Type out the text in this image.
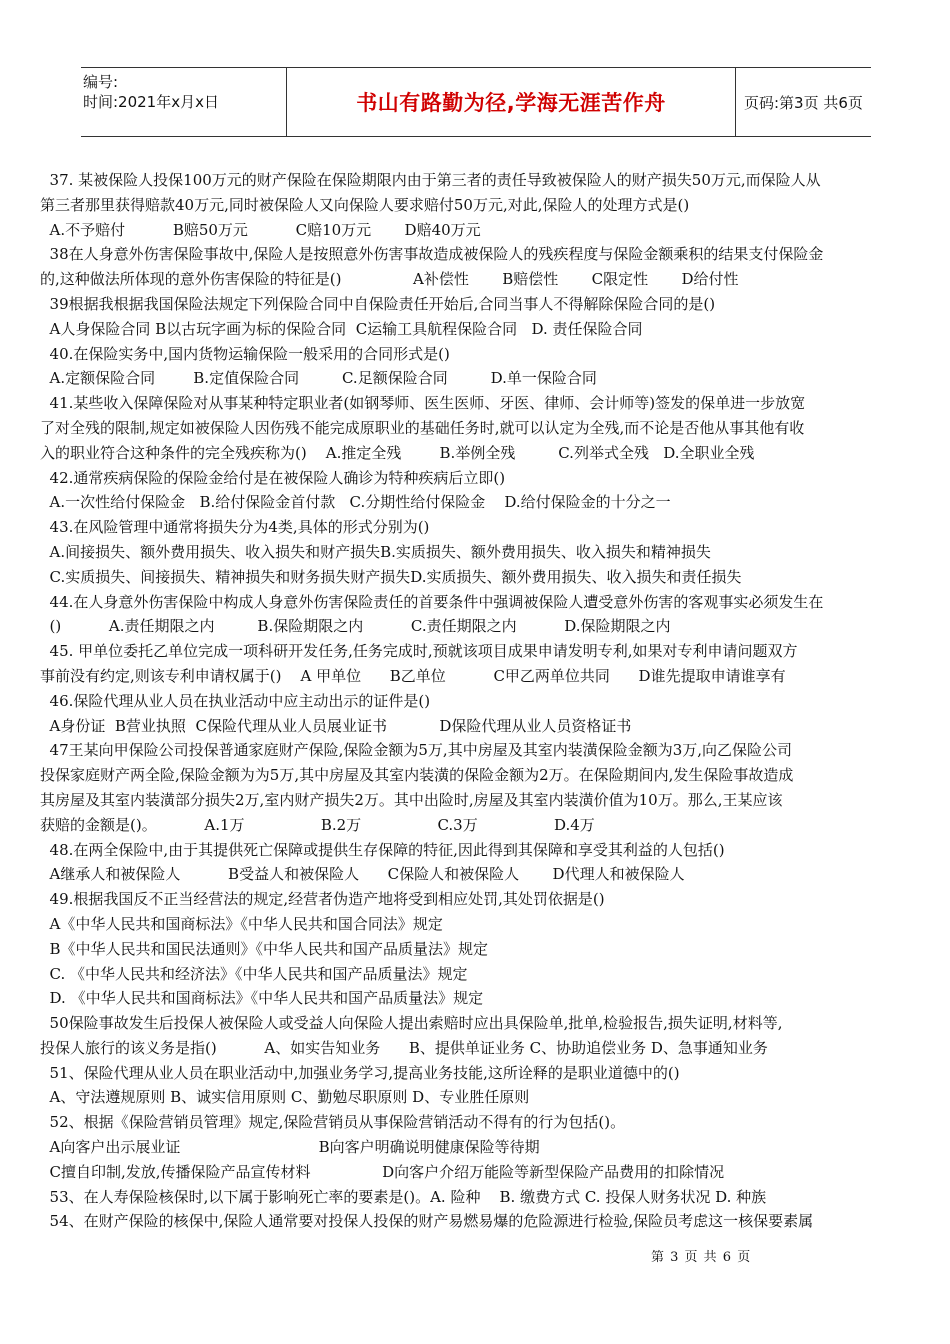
编号:
时间:2021年x月x日	书山有路勤为径,学海无涯苦作舟	页码:第3页 共6页
37. 某被保险人投保100万元的财产保险在保险期限内由于第三者的责任导致被保险人的财产损失50万元,而保险人从
第三者那里获得赔款40万元,同时被保险人又向保险人要求赔付50万元,对此,保险人的处理方式是()
A.不予赔付          B赔50万元          C赔10万元       D赔40万元
38在人身意外伤害保险事故中,保险人是按照意外伤害事故造成被保险人的残疾程度与保险金额乘积的结果支付保险金
的,这种做法所体现的意外伤害保险的特征是()               A补偿性       B赔偿性       C限定性       D给付性
39根据我根据我国保险法规定下列保险合同中自保险责任开始后,合同当事人不得解除保险合同的是()
A人身保险合同 B以古玩字画为标的保险合同  C运输工具航程保险合同   D. 责任保险合同
40.在保险实务中,国内货物运输保险一般采用的合同形式是()
A.定额保险合同        B.定值保险合同         C.足额保险合同         D.单一保险合同
41.某些收入保障保险对从事某种特定职业者(如钢琴师、医生医师、牙医、律师、会计师等)签发的保单进一步放宽
了对全残的限制,规定如被保险人因伤残不能完成原职业的基础任务时,就可以认定为全残,而不论是否他从事其他有收
入的职业符合这种条件的完全残疾称为()    A.推定全残        B.举例全残         C.列举式全残   D.全职业全残
42.通常疾病保险的保险金给付是在被保险人确诊为特种疾病后立即()
A.一次性给付保险金   B.给付保险金首付款   C.分期性给付保险金    D.给付保险金的十分之一
43.在风险管理中通常将损失分为4类,具体的形式分别为()
A.间接损失、额外费用损失、收入损失和财产损失B.实质损失、额外费用损失、收入损失和精神损失
C.实质损失、间接损失、精神损失和财务损失财产损失D.实质损失、额外费用损失、收入损失和责任损失
44.在人身意外伤害保险中构成人身意外伤害保险责任的首要条件中强调被保险人遭受意外伤害的客观事实必须发生在
()          A.责任期限之内         B.保险期限之内          C.责任期限之内          D.保险期限之内
45. 甲单位委托乙单位完成一项科研开发任务,任务完成时,预就该项目成果申请发明专利,如果对专利申请问题双方
事前没有约定,则该专利申请权属于()    A 甲单位      B乙单位          C甲乙两单位共同      D谁先提取申请谁享有
46.保险代理从业人员在执业活动中应主动出示的证件是()
A身份证  B营业执照  C保险代理从业人员展业证书           D保险代理从业人员资格证书
47王某向甲保险公司投保普通家庭财产保险,保险金额为5万,其中房屋及其室内装潢保险金额为3万,向乙保险公司
投保家庭财产两全险,保险金额为为5万,其中房屋及其室内装潢的保险金额为2万。在保险期间内,发生保险事故造成
其房屋及其室内装潢部分损失2万,室内财产损失2万。其中出险时,房屋及其室内装潢价值为10万。那么,王某应该
获赔的金额是()。          A.1万                B.2万                C.3万                D.4万
48.在两全保险中,由于其提供死亡保障或提供生存保障的特征,因此得到其保障和享受其利益的人包括()
A继承人和被保险人          B受益人和被保险人      C保险人和被保险人       D代理人和被保险人
49.根据我国反不正当经营法的规定,经营者伪造产地将受到相应处罚,其处罚依据是()
A《中华人民共和国商标法》《中华人民共和国合同法》规定
B《中华人民共和国民法通则》《中华人民共和国产品质量法》规定
C. 《中华人民共和经济法》《中华人民共和国产品质量法》规定
D. 《中华人民共和国商标法》《中华人民共和国产品质量法》规定
50保险事故发生后投保人被保险人或受益人向保险人提出索赔时应出具保险单,批单,检验报告,损失证明,材料等,
投保人旅行的该义务是指()          A、如实告知业务      B、提供单证业务 C、协助追偿业务 D、急事通知业务
51、保险代理从业人员在职业活动中,加强业务学习,提高业务技能,这所诠释的是职业道德中的()
A、守法遵规原则 B、诚实信用原则 C、勤勉尽职原则 D、专业胜任原则
52、根据《保险营销员管理》规定,保险营销员从事保险营销活动不得有的行为包括()。
A向客户出示展业证                             B向客户明确说明健康保险等待期
C擅自印制,发放,传播保险产品宣传材料               D向客户介绍万能险等新型保险产品费用的扣除情况
53、在人寿保险核保时,以下属于影响死亡率的要素是()。A. 险种    B. 缴费方式 C. 投保人财务状况 D. 种族
54、在财产保险的核保中,保险人通常要对投保人投保的财产易燃易爆的危险源进行检验,保险员考虑这一核保要素属
第 3 页 共 6 页
